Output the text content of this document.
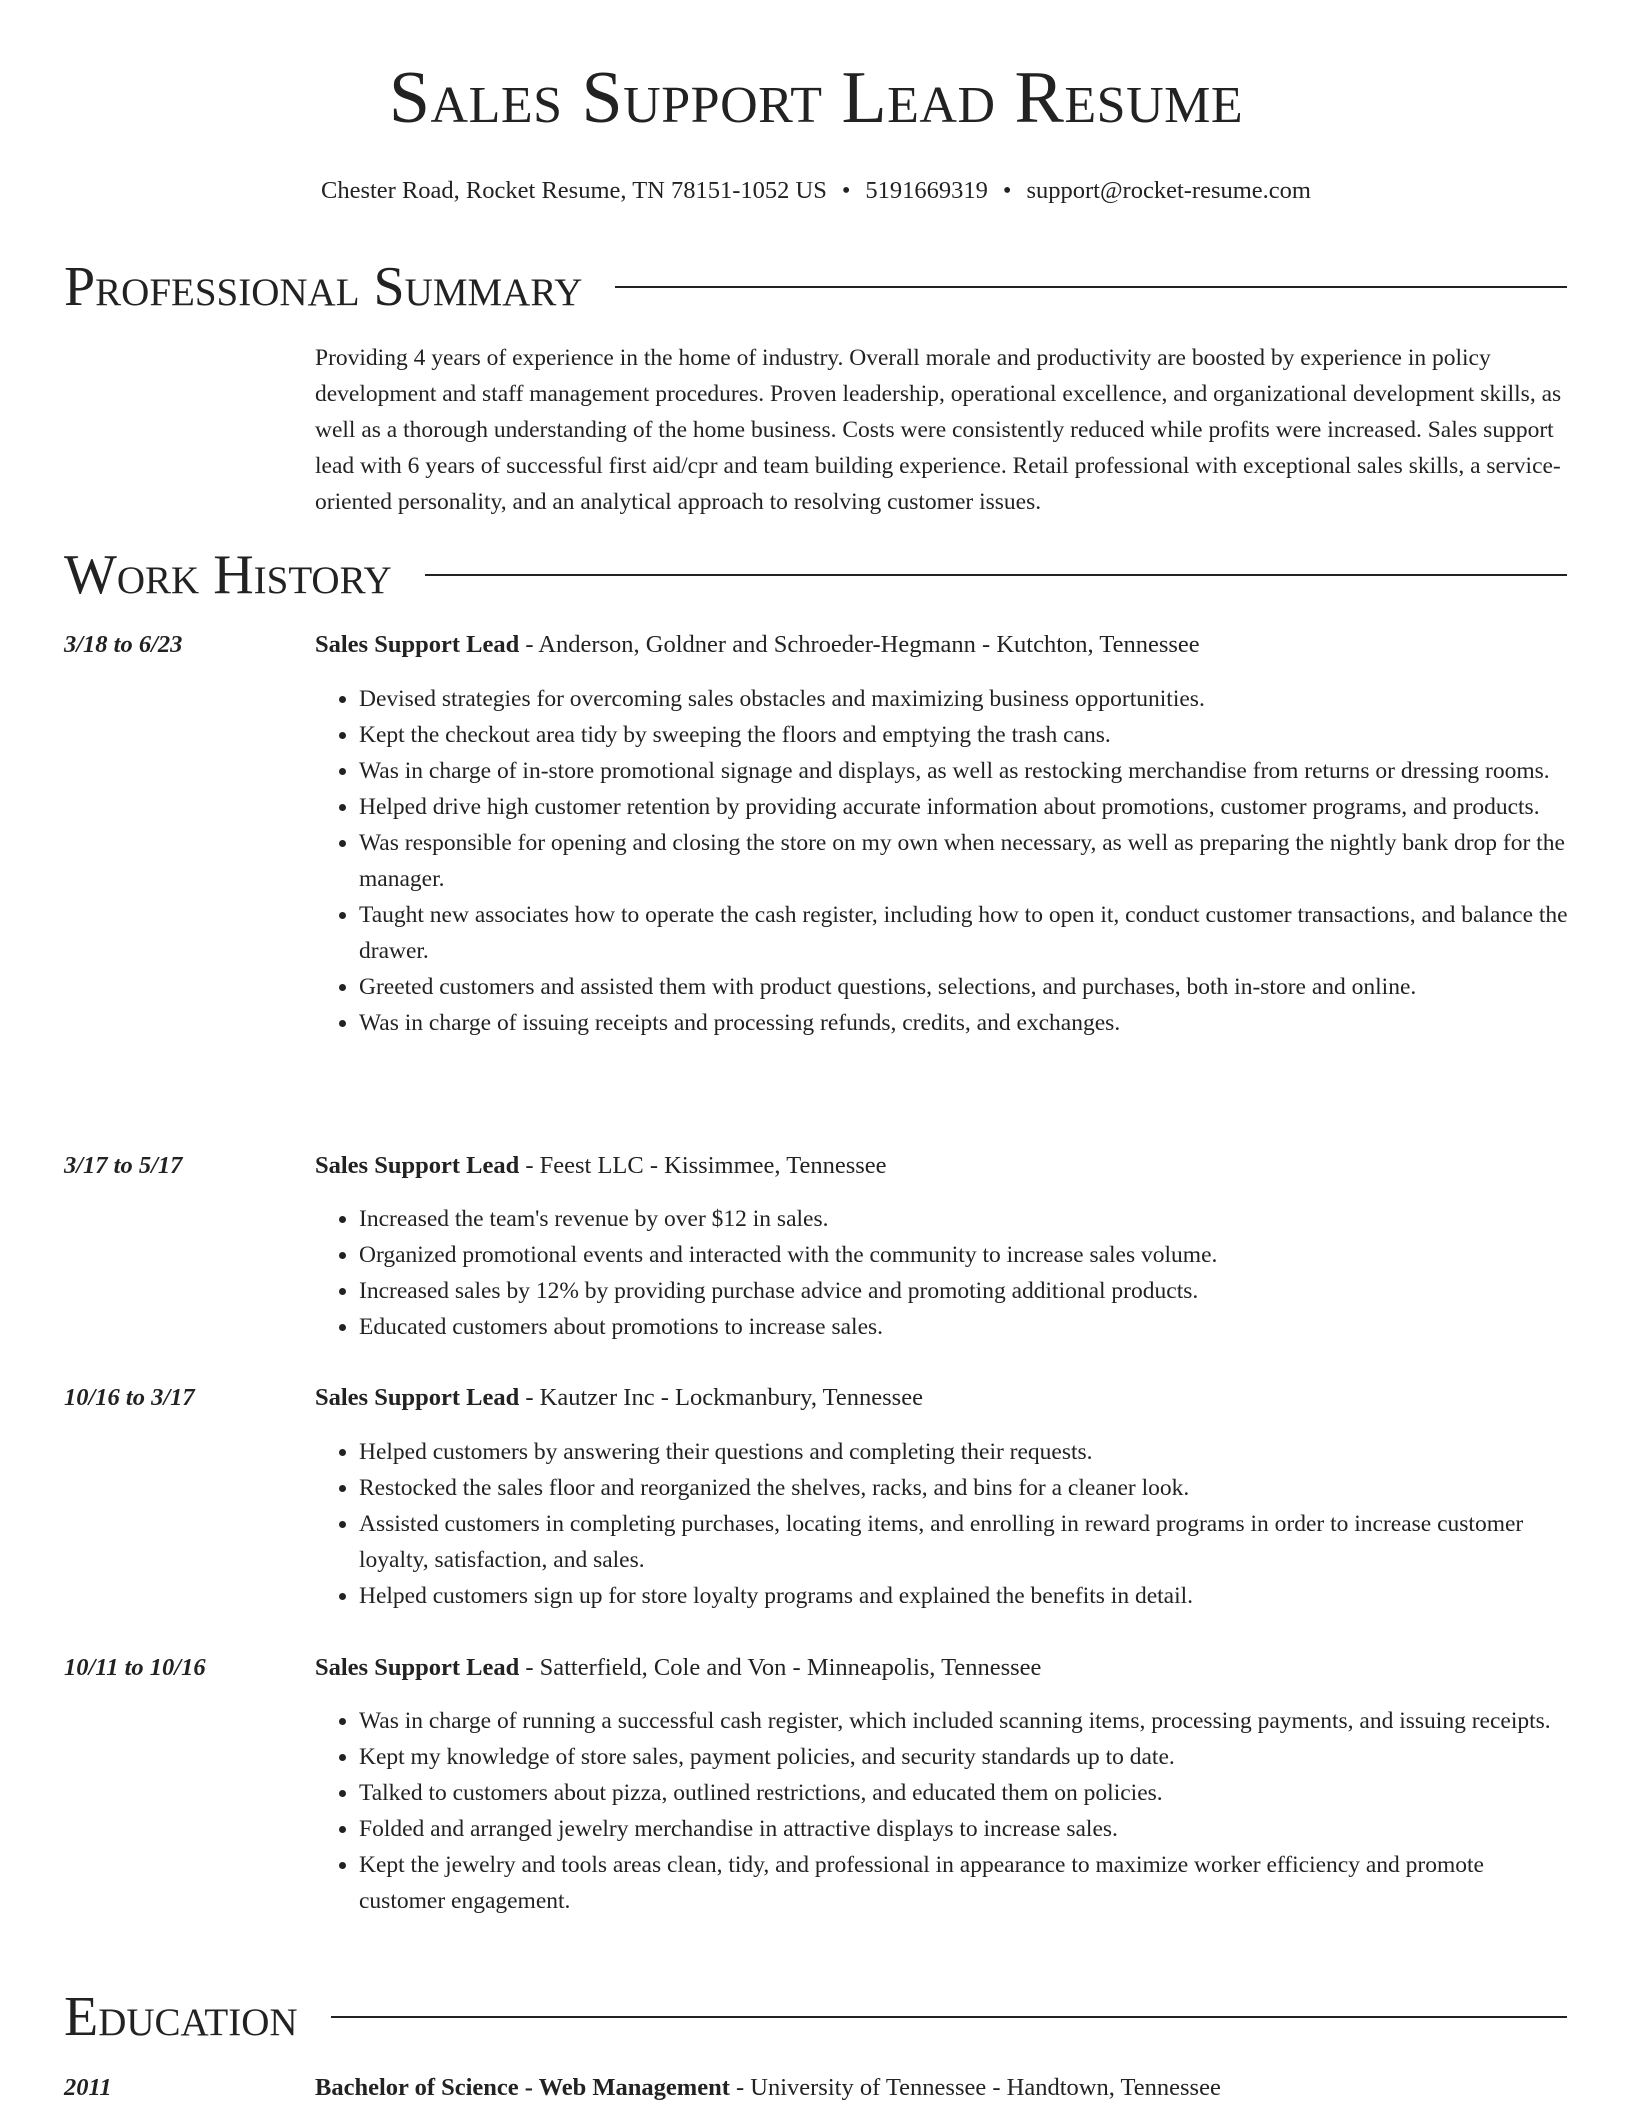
Sales Support Lead Resume
Chester Road, Rocket Resume, TN 78151-1052 US • 5191669319 • support@rocket-resume.com
Professional Summary

Providing 4 years of experience in the home of industry. Overall morale and productivity are boosted by experience in policy development and staff management procedures. Proven leadership, operational excellence, and organizational development skills, as well as a thorough understanding of the home business. Costs were consistently reduced while profits were increased. Sales support lead with 6 years of successful first aid/cpr and team building experience. Retail professional with exceptional sales skills, a service-oriented personality, and an analytical approach to resolving customer issues.

Work History
3/18 to 6/23	Sales Support Lead - Anderson, Goldner and Schroeder-Hegmann - Kutchton, Tennessee
• Devised strategies for overcoming sales obstacles and maximizing business opportunities.
• Kept the checkout area tidy by sweeping the floors and emptying the trash cans.
• Was in charge of in-store promotional signage and displays, as well as restocking merchandise from returns or dressing rooms.
• Helped drive high customer retention by providing accurate information about promotions, customer programs, and products.
• Was responsible for opening and closing the store on my own when necessary, as well as preparing the nightly bank drop for the manager.
• Taught new associates how to operate the cash register, including how to open it, conduct customer transactions, and balance the drawer.
• Greeted customers and assisted them with product questions, selections, and purchases, both in-store and online.
• Was in charge of issuing receipts and processing refunds, credits, and exchanges.
3/17 to 5/17	Sales Support Lead - Feest LLC - Kissimmee, Tennessee
• Increased the team's revenue by over $12 in sales.
• Organized promotional events and interacted with the community to increase sales volume.
• Increased sales by 12% by providing purchase advice and promoting additional products.
• Educated customers about promotions to increase sales.
10/16 to 3/17	Sales Support Lead - Kautzer Inc - Lockmanbury, Tennessee
• Helped customers by answering their questions and completing their requests.
• Restocked the sales floor and reorganized the shelves, racks, and bins for a cleaner look.
• Assisted customers in completing purchases, locating items, and enrolling in reward programs in order to increase customer loyalty, satisfaction, and sales.
• Helped customers sign up for store loyalty programs and explained the benefits in detail.
10/11 to 10/16	Sales Support Lead - Satterfield, Cole and Von - Minneapolis, Tennessee
• Was in charge of running a successful cash register, which included scanning items, processing payments, and issuing receipts.
• Kept my knowledge of store sales, payment policies, and security standards up to date.
• Talked to customers about pizza, outlined restrictions, and educated them on policies.
• Folded and arranged jewelry merchandise in attractive displays to increase sales.
• Kept the jewelry and tools areas clean, tidy, and professional in appearance to maximize worker efficiency and promote customer engagement.
Education
2011	Bachelor of Science - Web Management - University of Tennessee - Handtown, Tennessee
